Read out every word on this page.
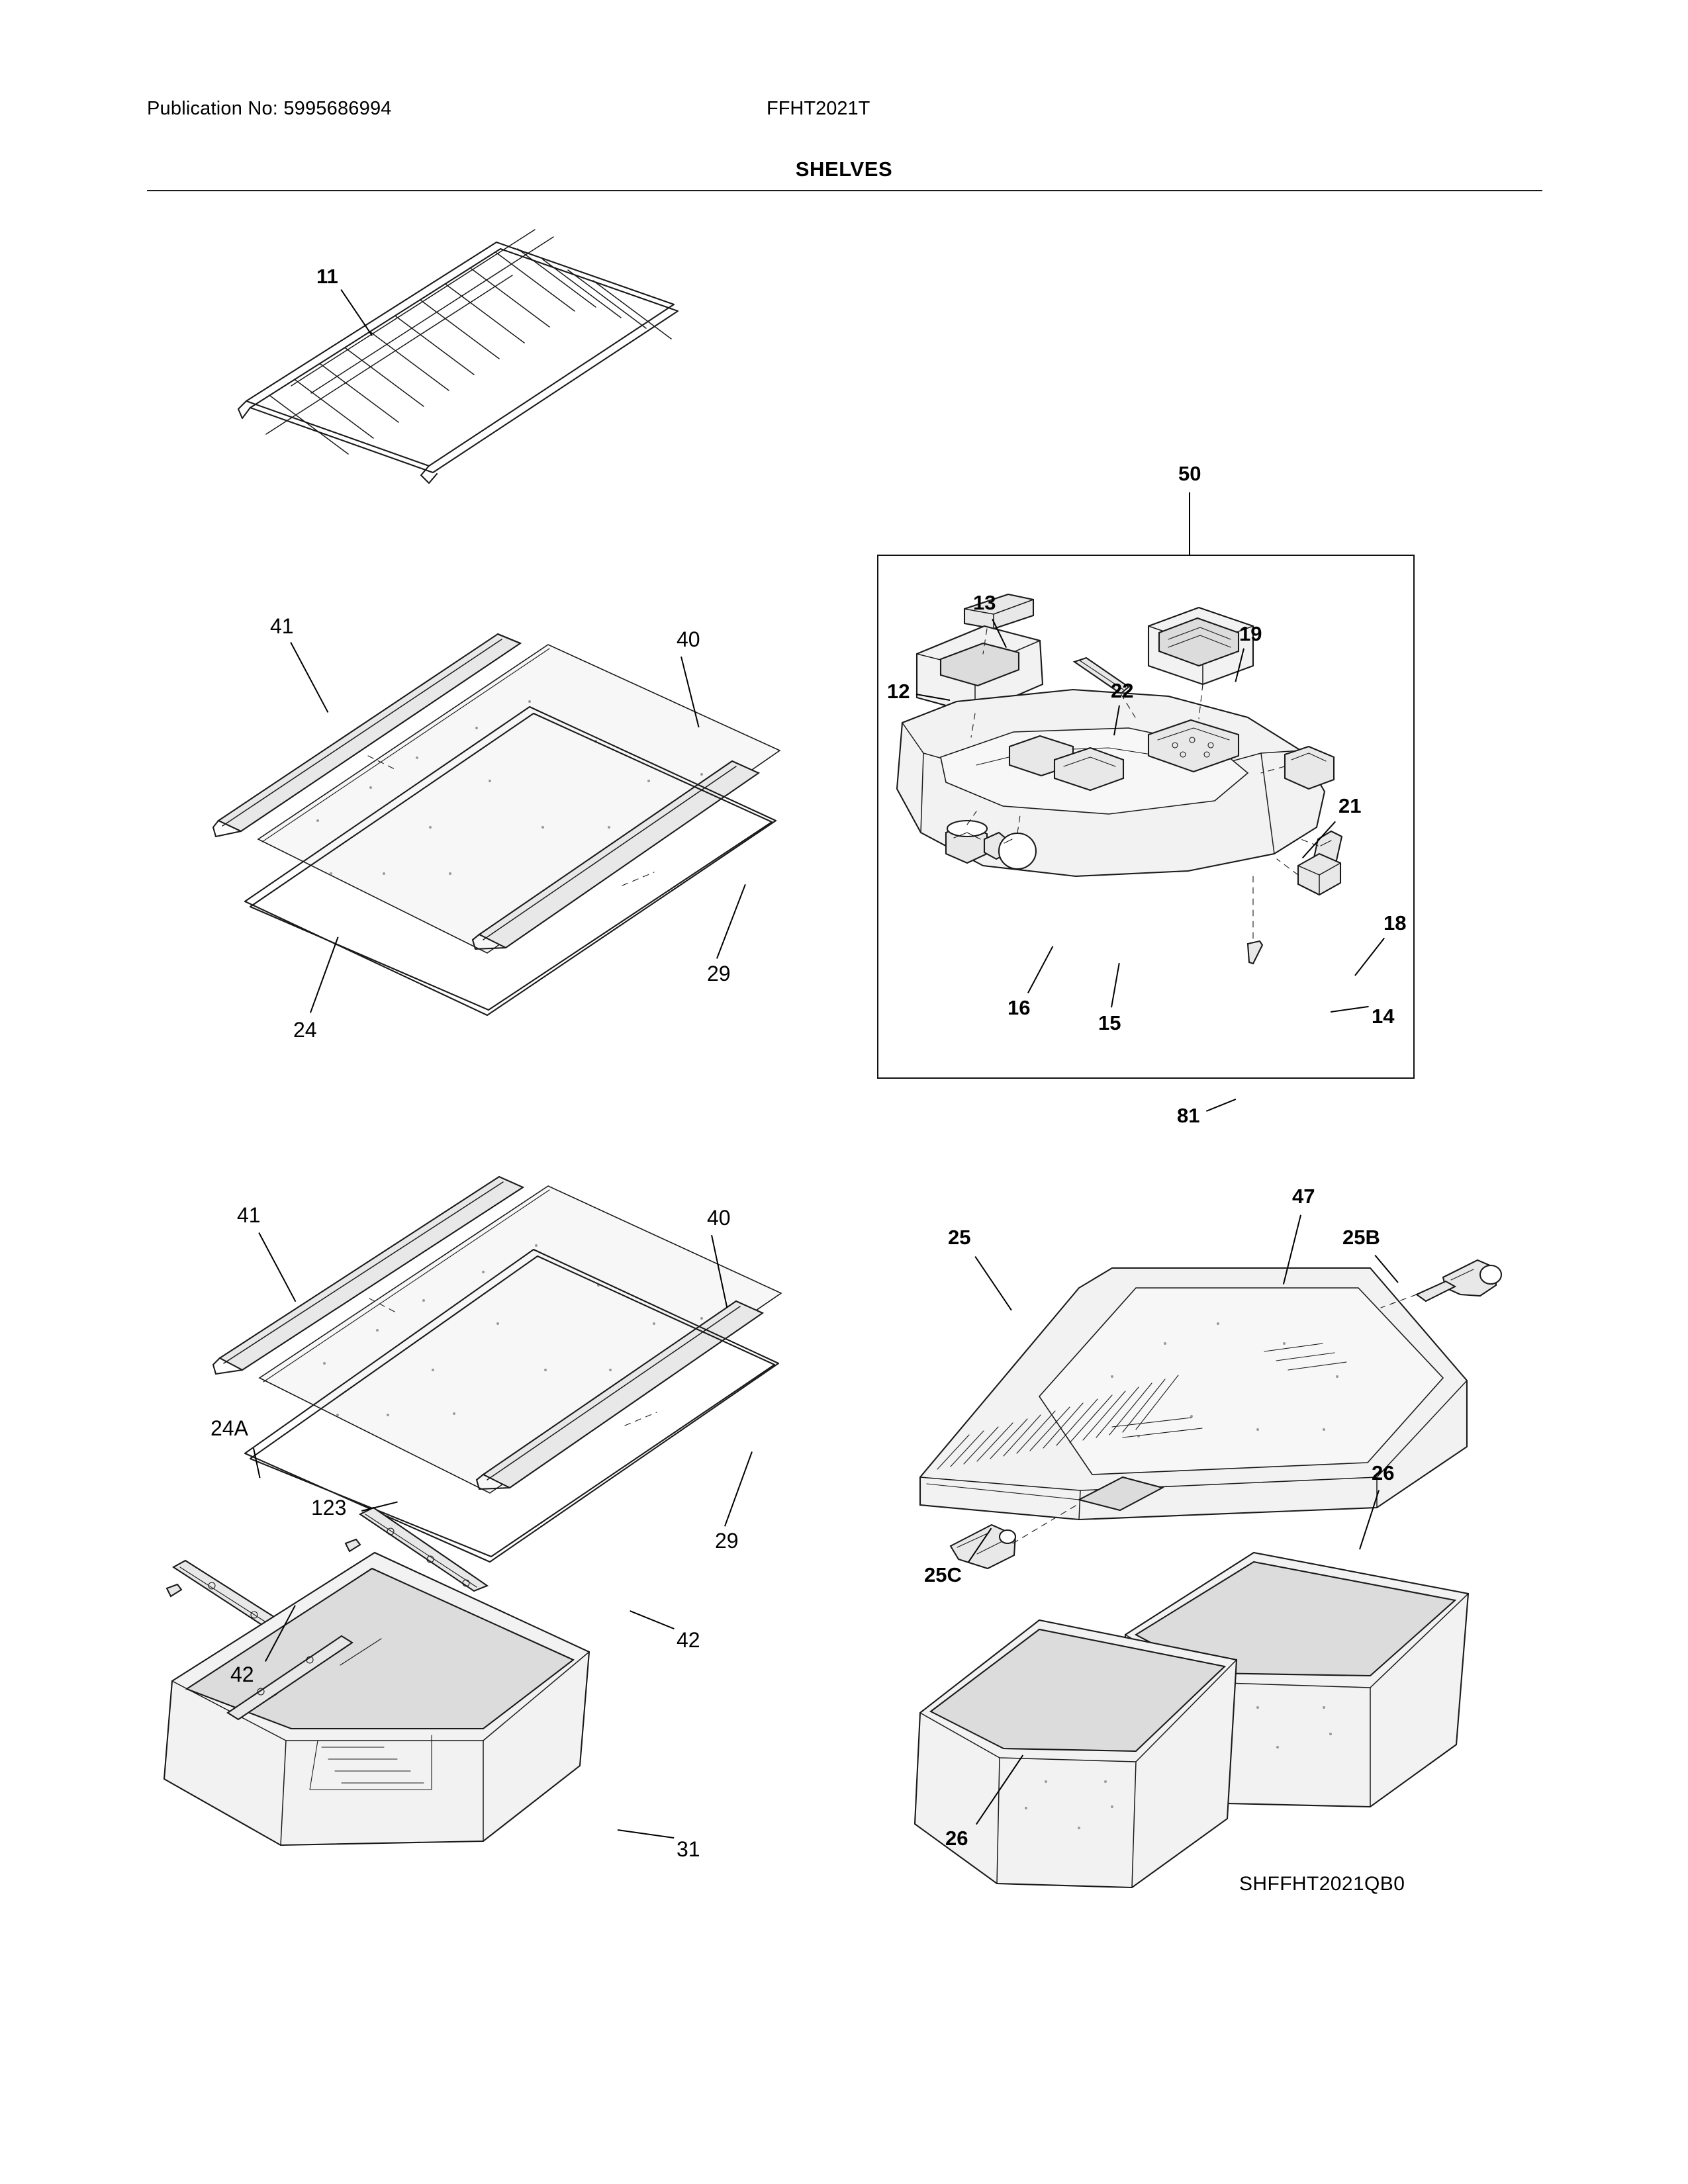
Publication No: 5995686994	FFHT2021T
SHELVES
11
41
40
29
24
50
13
19
12	22
21
18
16
15	14
81
41	40
24A
123
42
42
29
31
25
47
25B
25C
26
26
SHFFHT2021QB0
